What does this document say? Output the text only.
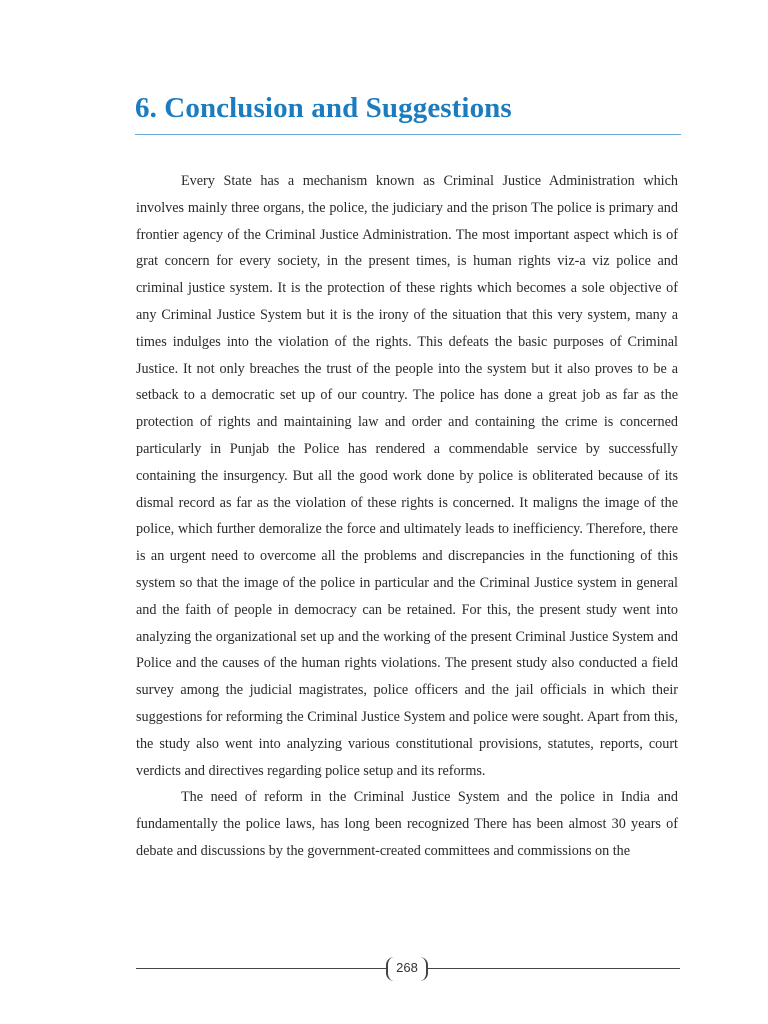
6. Conclusion and Suggestions

Every State has a mechanism known as Criminal Justice Administration which involves mainly three organs, the police, the judiciary and the prison The police is primary and frontier agency of the Criminal Justice Administration. The most important aspect which is of grat concern for every society, in the present times, is human rights viz-a viz police and criminal justice system. It is the protection of these rights which becomes a sole objective of any Criminal Justice System but it is the irony of the situation that this very system, many a times indulges into the violation of the rights. This defeats the basic purposes of Criminal Justice. It not only breaches the trust of the people into the system but it also proves to be a setback to a democratic set up of our country. The police has done a great job as far as the protection of rights and maintaining law and order and containing the crime is concerned particularly in Punjab the Police has rendered a commendable service by successfully containing the insurgency. But all the good work done by police is obliterated because of its dismal record as far as the violation of these rights is concerned. It maligns the image of the police, which further demoralize the force and ultimately leads to inefficiency. Therefore, there is an urgent need to overcome all the problems and discrepancies in the functioning of this system so that the image of the police in particular and the Criminal Justice system in general and the faith of people in democracy can be retained. For this, the present study went into analyzing the organizational set up and the working of the present Criminal Justice System and Police and the causes of the human rights violations. The present study also conducted a field survey among the judicial magistrates, police officers and the jail officials in which their suggestions for reforming the Criminal Justice System and police were sought. Apart from this, the study also went into analyzing various constitutional provisions, statutes, reports, court verdicts and directives regarding police setup and its reforms.

The need of reform in the Criminal Justice System and the police in India and fundamentally the police laws, has long been recognized There has been almost 30 years of debate and discussions by the government-created committees and commissions on the

268
